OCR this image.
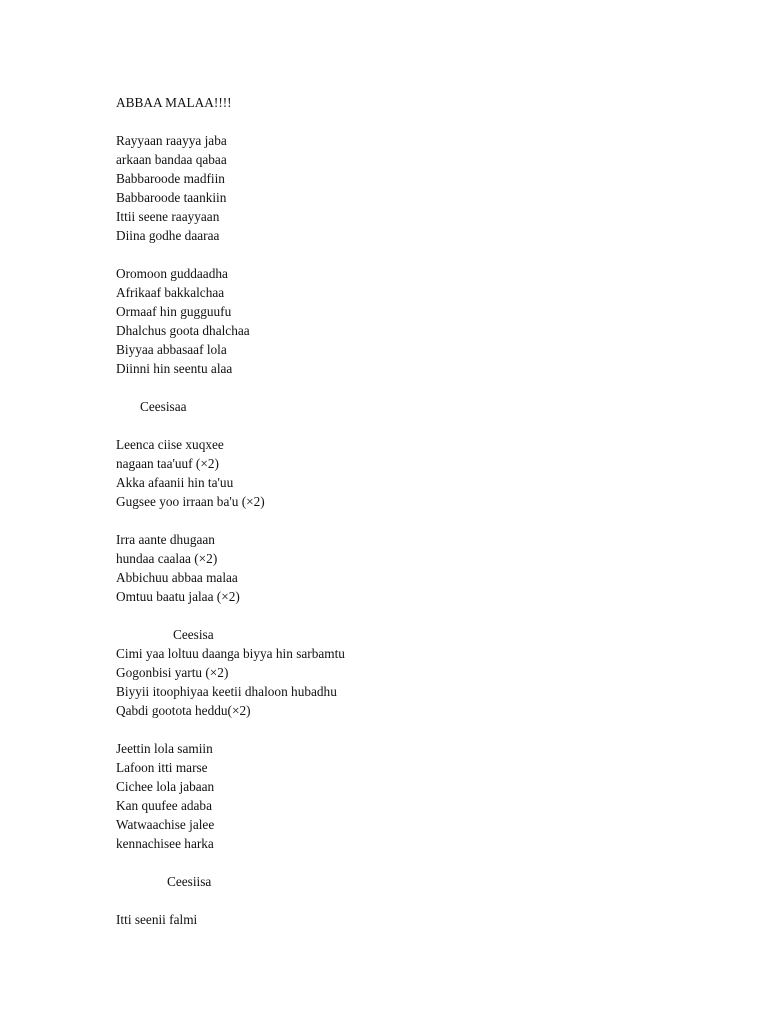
ABBAA MALAA!!!!
Rayyaan raayya jaba
arkaan bandaa qabaa
Babbaroode madfiin
Babbaroode taankiin
Ittii seene raayyaan
Diina godhe daaraa
Oromoon guddaadha
Afrikaaf bakkalchaa
Ormaaf hin gugguufu
Dhalchus goota dhalchaa
Biyyaa abbasaaf lola
Diinni hin seentu alaa
Ceesisaa
Leenca ciise xuqxee
nagaan taa'uuf (×2)
Akka afaanii hin ta'uu
Gugsee yoo irraan ba'u (×2)
Irra aante dhugaan
hundaa caalaa (×2)
Abbichuu abbaa malaa
Omtuu baatu jalaa (×2)
Ceesisa
Cimi yaa loltuu daanga biyya hin sarbamtu
Gogonbisi yartu (×2)
Biyyii itoophiyaa keetii dhaloon hubadhu
Qabdi gootota heddu(×2)
Jeettin lola samiin
Lafoon itti marse
Cichee lola jabaan
Kan quufee adaba
Watwaachise jalee
kennachisee harka
Ceesiisa
Itti seenii falmi
